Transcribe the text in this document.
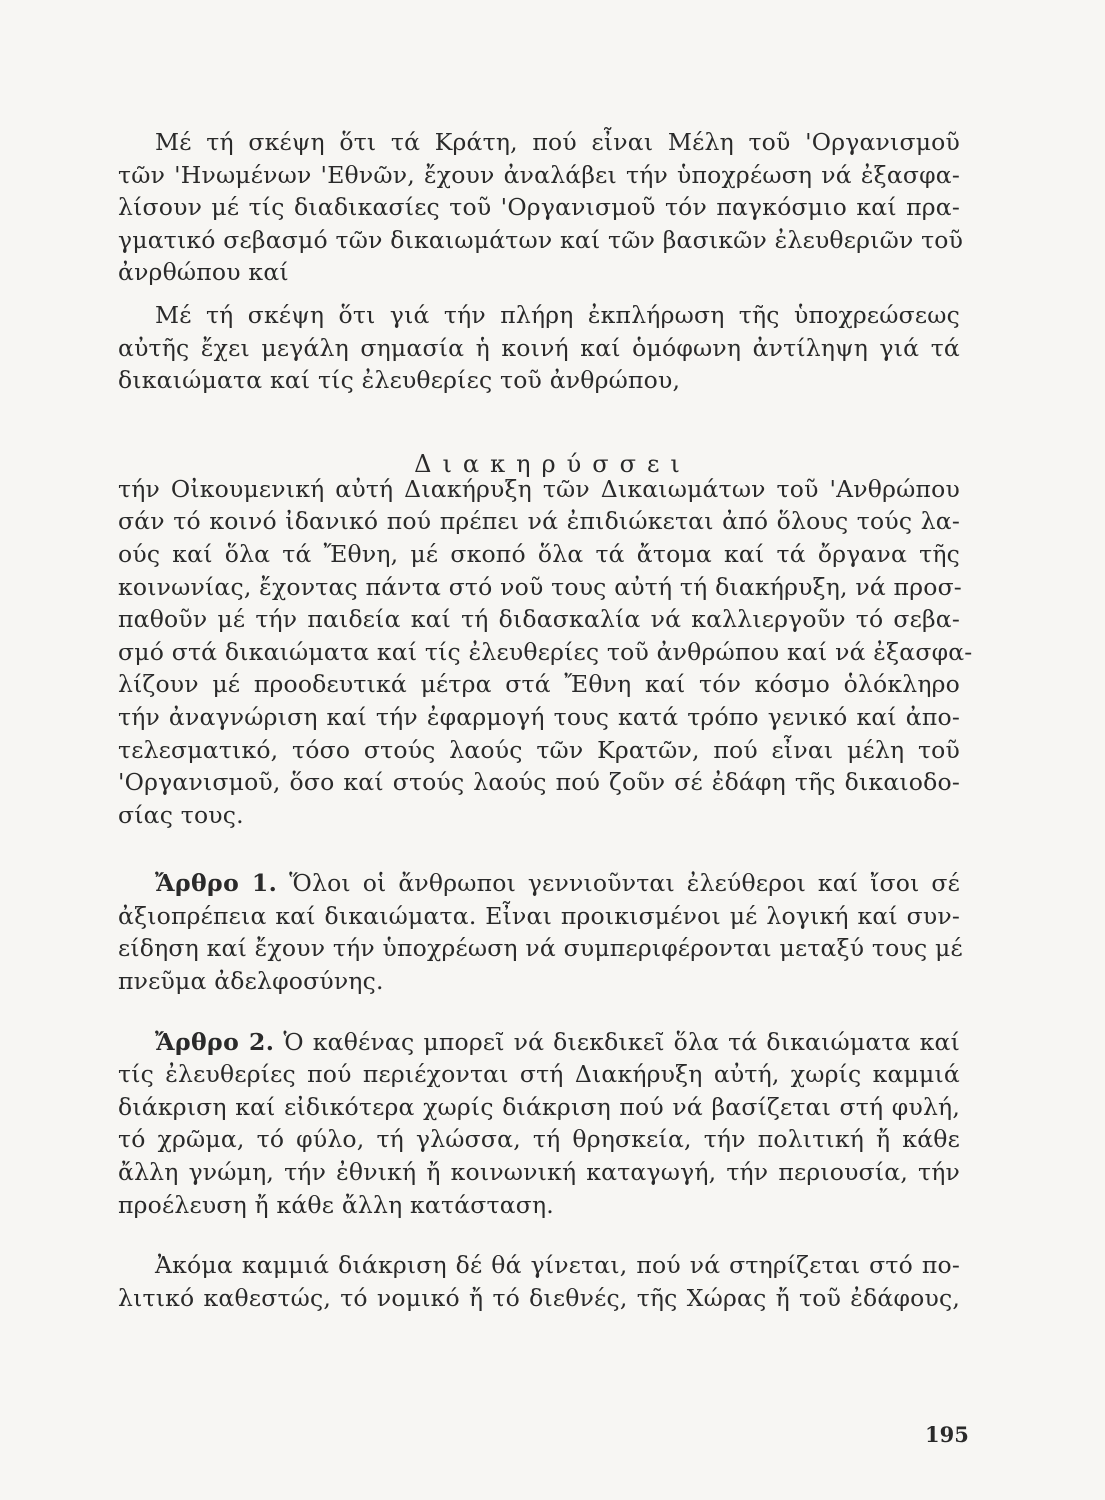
Μέ τή σκέψη ὅτι τά Κράτη, πού εἶναι Μέλη τοῦ 'Οργανισμοῦ
τῶν 'Ηνωμένων 'Εθνῶν, ἔχουν ἀναλάβει τήν ὑποχρέωση νά ἐξασφα-
λίσουν μέ τίς διαδικασίες τοῦ 'Οργανισμοῦ τόν παγκόσμιο καί πρα-
γματικό σεβασμό τῶν δικαιωμάτων καί τῶν βασικῶν ἐλευθεριῶν τοῦ
ἀνρθώπου καί
Μέ τή σκέψη ὅτι γιά τήν πλήρη ἐκπλήρωση τῆς ὑποχρεώσεως
αὐτῆς ἔχει μεγάλη σημασία ἡ κοινή καί ὁμόφωνη ἀντίληψη γιά τά
δικαιώματα καί τίς ἐλευθερίες τοῦ ἀνθρώπου,
τήν Οἰκουμενική αὐτή Διακήρυξη τῶν Δικαιωμάτων τοῦ 'Ανθρώπου
σάν τό κοινό ἰδανικό πού πρέπει νά ἐπιδιώκεται ἀπό ὅλους τούς λα-
ούς καί ὅλα τά Ἔθνη, μέ σκοπό ὅλα τά ἄτομα καί τά ὄργανα τῆς
κοινωνίας, ἔχοντας πάντα στό νοῦ τους αὐτή τή διακήρυξη, νά προσ-
παθοῦν μέ τήν παιδεία καί τή διδασκαλία νά καλλιεργοῦν τό σεβα-
σμό στά δικαιώματα καί τίς ἐλευθερίες τοῦ ἀνθρώπου καί νά ἐξασφα-
λίζουν μέ προοδευτικά μέτρα στά Ἔθνη καί τόν κόσμο ὁλόκληρο
τήν ἀναγνώριση καί τήν ἐφαρμογή τους κατά τρόπο γενικό καί ἀπο-
τελεσματικό, τόσο στούς λαούς τῶν Κρατῶν, πού εἶναι μέλη τοῦ
'Οργανισμοῦ, ὅσο καί στούς λαούς πού ζοῦν σέ ἐδάφη τῆς δικαιοδο-
σίας τους.
Ἄρθρο 1. Ὅλοι οἱ ἄνθρωποι γεννιοῦνται ἐλεύθεροι καί ἴσοι σέ
ἀξιοπρέπεια καί δικαιώματα. Εἶναι προικισμένοι μέ λογική καί συν-
είδηση καί ἔχουν τήν ὑποχρέωση νά συμπεριφέρονται μεταξύ τους μέ
πνεῦμα ἀδελφοσύνης.
Ἄρθρο 2. Ὁ καθένας μπορεῖ νά διεκδικεῖ ὅλα τά δικαιώματα καί
τίς ἐλευθερίες πού περιέχονται στή Διακήρυξη αὐτή, χωρίς καμμιά
διάκριση καί εἰδικότερα χωρίς διάκριση πού νά βασίζεται στή φυλή,
τό χρῶμα, τό φύλο, τή γλώσσα, τή θρησκεία, τήν πολιτική ἤ κάθε
ἄλλη γνώμη, τήν ἐθνική ἤ κοινωνική καταγωγή, τήν περιουσία, τήν
προέλευση ἤ κάθε ἄλλη κατάσταση.
Ἀκόμα καμμιά διάκριση δέ θά γίνεται, πού νά στηρίζεται στό πο-
λιτικό καθεστώς, τό νομικό ἤ τό διεθνές, τῆς Χώρας ἤ τοῦ ἐδάφους,
Διακηρύσσει
195
